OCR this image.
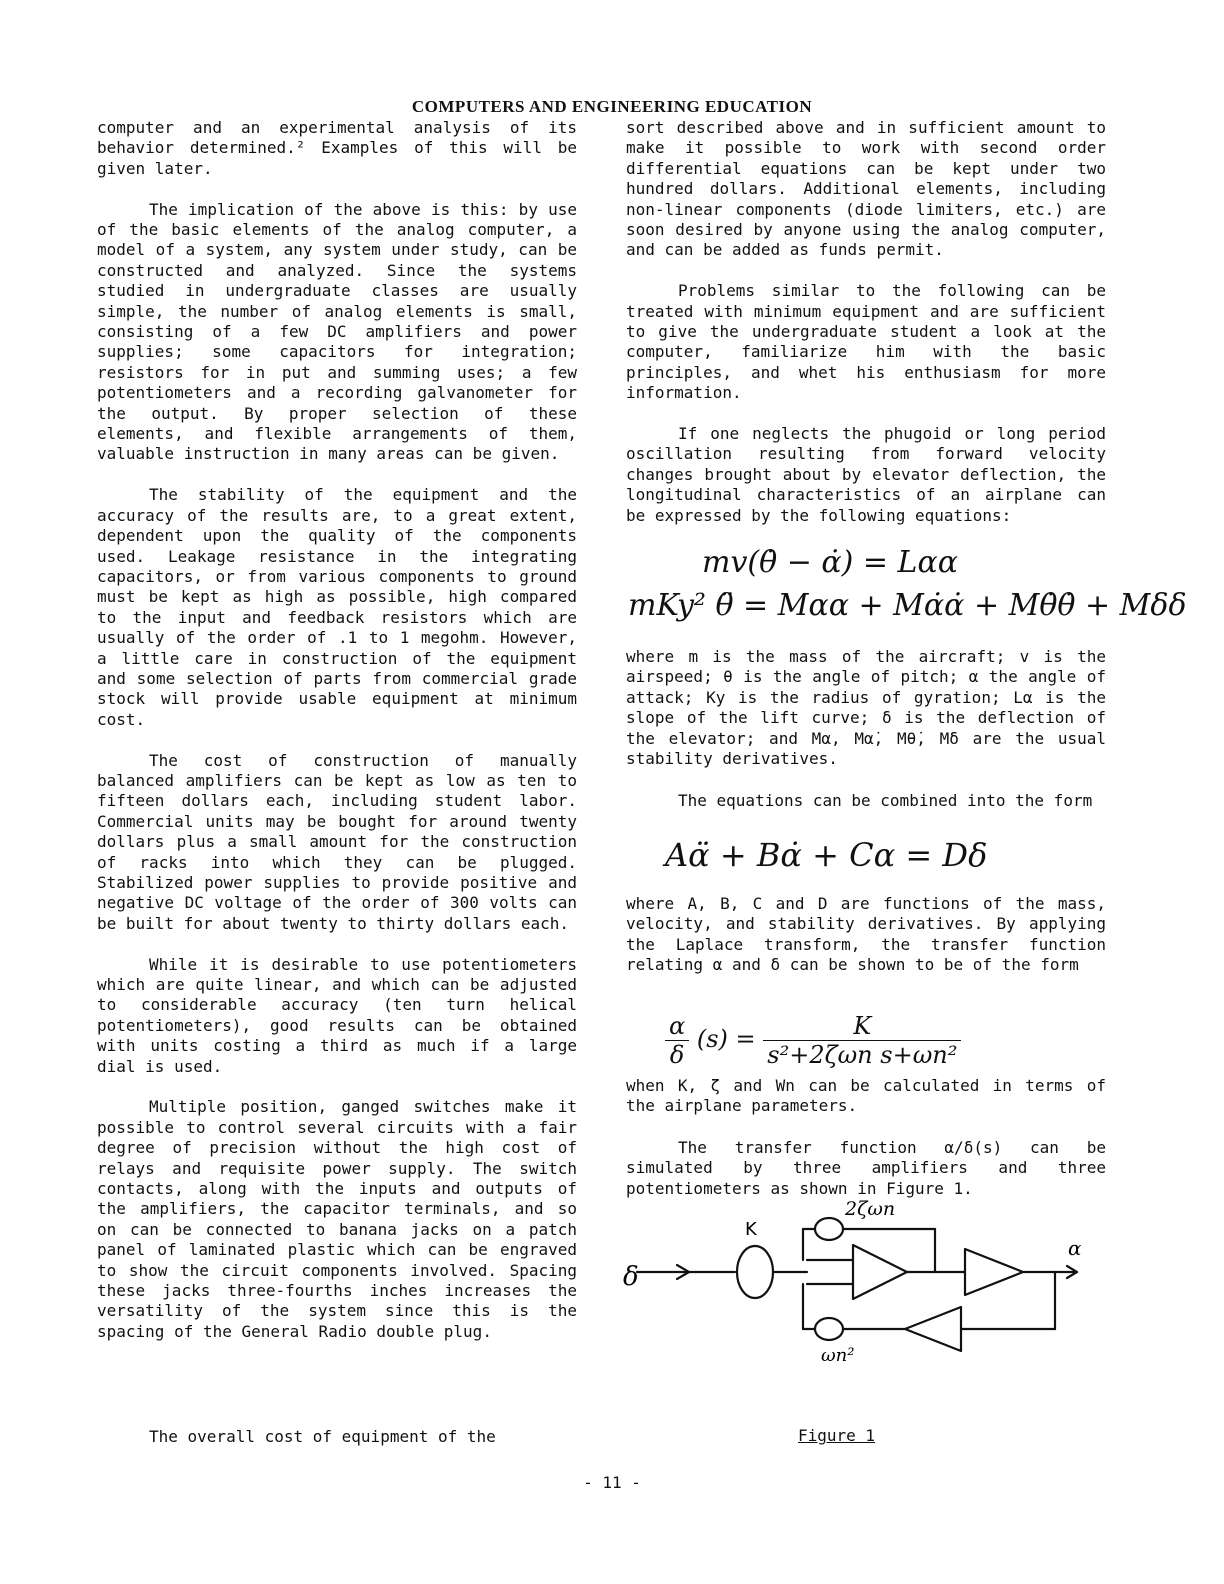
COMPUTERS AND ENGINEERING EDUCATION

computer and an experimental analysis of its behavior determined.² Examples of this will be given later.

The implication of the above is this: by use of the basic elements of the analog computer, a model of a system, any system under study, can be constructed and analyzed. Since the systems studied in undergraduate classes are usually simple, the number of analog elements is small, consisting of a few DC amplifiers and power supplies; some capacitors for integration; resistors for in put and summing uses; a few potentiometers and a recording galvanometer for the output. By proper selection of these elements, and flexible arrangements of them, valuable instruction in many areas can be given.

The stability of the equipment and the accuracy of the results are, to a great extent, dependent upon the quality of the components used. Leakage resistance in the integrating capacitors, or from various components to ground must be kept as high as possible, high compared to the input and feedback resistors which are usually of the order of .1 to 1 megohm. However, a little care in construction of the equipment and some selection of parts from commercial grade stock will provide usable equipment at minimum cost.

The cost of construction of manually balanced amplifiers can be kept as low as ten to fifteen dollars each, including student labor. Commercial units may be bought for around twenty dollars plus a small amount for the construction of racks into which they can be plugged. Stabilized power supplies to provide positive and negative DC voltage of the order of 300 volts can be built for about twenty to thirty dollars each.

While it is desirable to use potentiometers which are quite linear, and which can be adjusted to considerable accuracy (ten turn helical potentiometers), good results can be obtained with units costing a third as much if a large dial is used.

Multiple position, ganged switches make it possible to control several circuits with a fair degree of precision without the high cost of relays and requisite power supply. The switch contacts, along with the inputs and outputs of the amplifiers, the capacitor terminals, and so on can be connected to banana jacks on a patch panel of laminated plastic which can be engraved to show the circuit components involved. Spacing these jacks three-fourths inches increases the versatility of the system since this is the spacing of the General Radio double plug.

The overall cost of equipment of the

sort described above and in sufficient amount to make it possible to work with second order differential equations can be kept under two hundred dollars. Additional elements, including non-linear components (diode limiters, etc.) are soon desired by anyone using the analog computer, and can be added as funds permit.

Problems similar to the following can be treated with minimum equipment and are sufficient to give the undergraduate student a look at the computer, familiarize him with the basic principles, and whet his enthusiasm for more information.

If one neglects the phugoid or long period oscillation resulting from forward velocity changes brought about by elevator deflection, the longitudinal characteristics of an airplane can be expressed by the following equations:

mv(θ̇ − α̇) = Lαα
mKy² θ̈ = Mαα + Mα̇α̇ + Mθ̇θ̇ + Mδδ

where m is the mass of the aircraft; v is the airspeed; θ is the angle of pitch; α the angle of attack; Ky is the radius of gyration; Lα is the slope of the lift curve; δ is the deflection of the elevator; and Mα, Mα̇, Mθ̇, Mδ are the usual stability derivatives.

The equations can be combined into the form

Aα̈ + Bα̇ + Cα = Dδ

where A, B, C and D are functions of the mass, velocity, and stability derivatives. By applying the Laplace transform, the transfer function relating α and δ can be shown to be of the form

$\frac{\alpha}{\delta} (s) = \frac{K}{\text{s²+2ζωn s+ωn²}}$

when K, ζ and Wn can be calculated in terms of the airplane parameters.

The transfer function α/δ(s) can be simulated by three amplifiers and three potentiometers as shown in Figure 1.

δ
α
K
2ζωn
ωn²
Figure 1
- 11 -
